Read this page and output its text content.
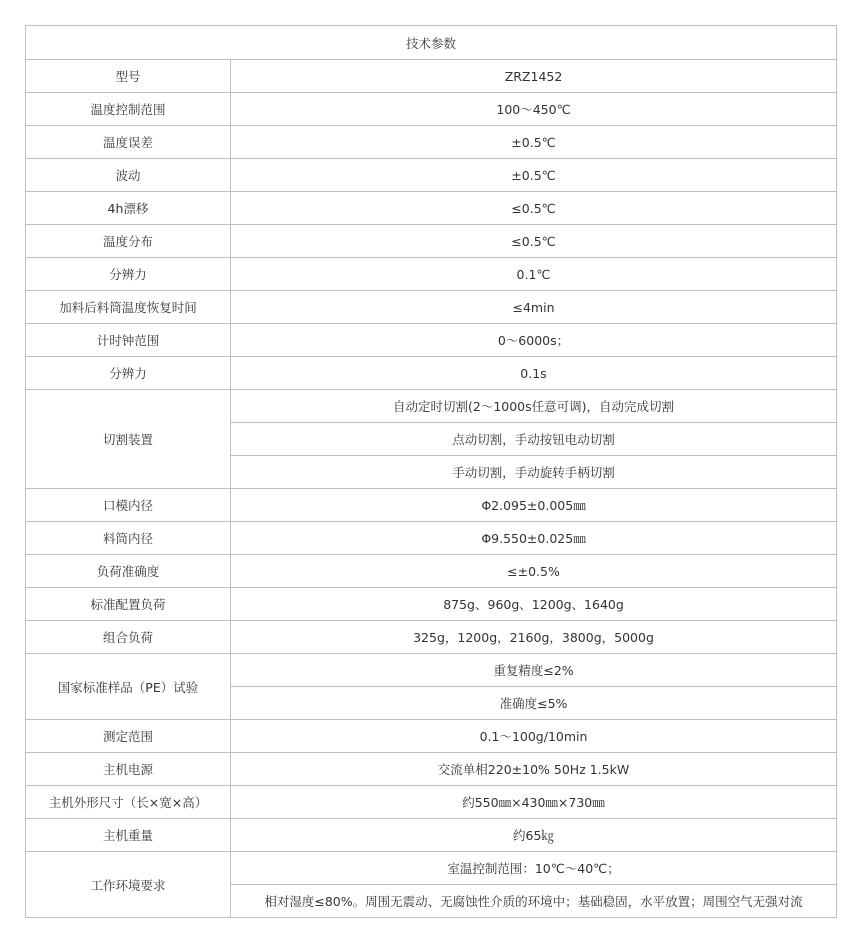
技术参数	
型号	ZRZ1452
温度控制范围	100～450℃
温度误差	±0.5℃
波动	±0.5℃
4h漂移	≤0.5℃
温度分布	≤0.5℃
分辨力	0.1℃
加料后料筒温度恢复时间	≤4min
计时钟范围	0～6000s；
分辨力	0.1s
切割装置	自动定时切割(2～1000s任意可调)，自动完成切割
	点动切割，手动按钮电动切割
	手动切割，手动旋转手柄切割
口模内径	Φ2.095±0.005㎜
料筒内径	Φ9.550±0.025㎜
负荷准确度	≤±0.5%
标准配置负荷	875g、960g、1200g、1640g
组合负荷	325g，1200g，2160g，3800g，5000g
国家标准样品（PE）试验	重复精度≤2%
	准确度≤5%
测定范围	0.1～100g/10min
主机电源	交流单相220±10% 50Hz 1.5kW
主机外形尺寸（长×宽×高）	约550㎜×430㎜×730㎜
主机重量	约65㎏
工作环境要求	室温控制范围：10℃～40℃；
	相对湿度≤80%。周围无震动、无腐蚀性介质的环境中；基础稳固，水平放置；周围空气无强对流
